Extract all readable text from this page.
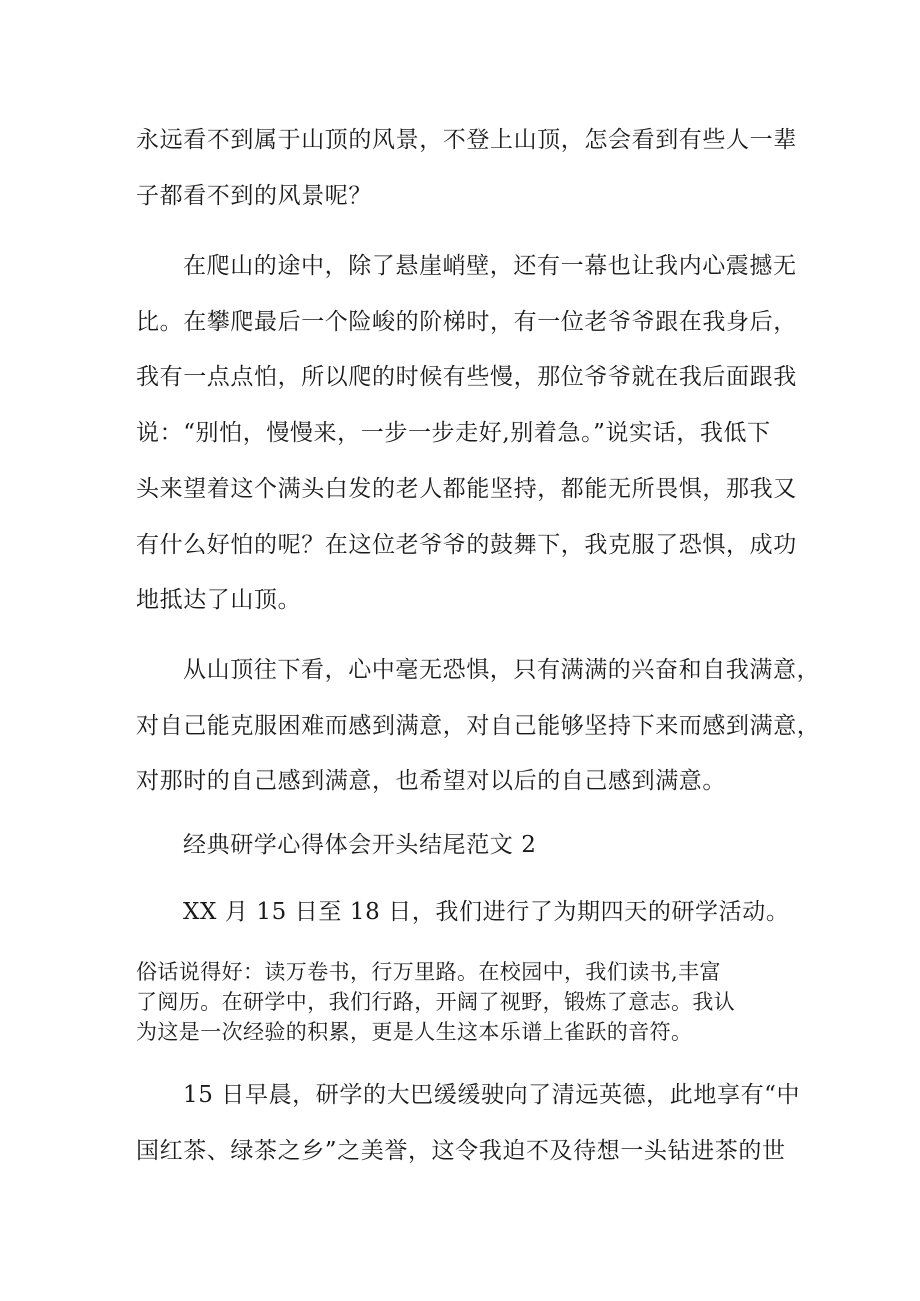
永远看不到属于山顶的风景，不登上山顶，怎会看到有些人一辈
子都看不到的风景呢？
在爬山的途中，除了悬崖峭壁，还有一幕也让我内心震撼无
比。在攀爬最后一个险峻的阶梯时，有一位老爷爷跟在我身后，
我有一点点怕，所以爬的时候有些慢，那位爷爷就在我后面跟我
说：“别怕，慢慢来，一步一步走好,别着急。”说实话，我低下
头来望着这个满头白发的老人都能坚持，都能无所畏惧，那我又
有什么好怕的呢？在这位老爷爷的鼓舞下，我克服了恐惧，成功
地抵达了山顶。
从山顶往下看，心中毫无恐惧，只有满满的兴奋和自我满意，
对自己能克服困难而感到满意，对自己能够坚持下来而感到满意，
对那时的自己感到满意，也希望对以后的自己感到满意。
经典研学心得体会开头结尾范文 2
XX 月 15 日至 18 日，我们进行了为期四天的研学活动。
俗话说得好：读万卷书，行万里路。在校园中，我们读书,丰富
了阅历。在研学中，我们行路，开阔了视野，锻炼了意志。我认
为这是一次经验的积累，更是人生这本乐谱上雀跃的音符。
15 日早晨，研学的大巴缓缓驶向了清远英德，此地享有“中
国红茶、绿茶之乡”之美誉，这令我迫不及待想一头钻进茶的世
